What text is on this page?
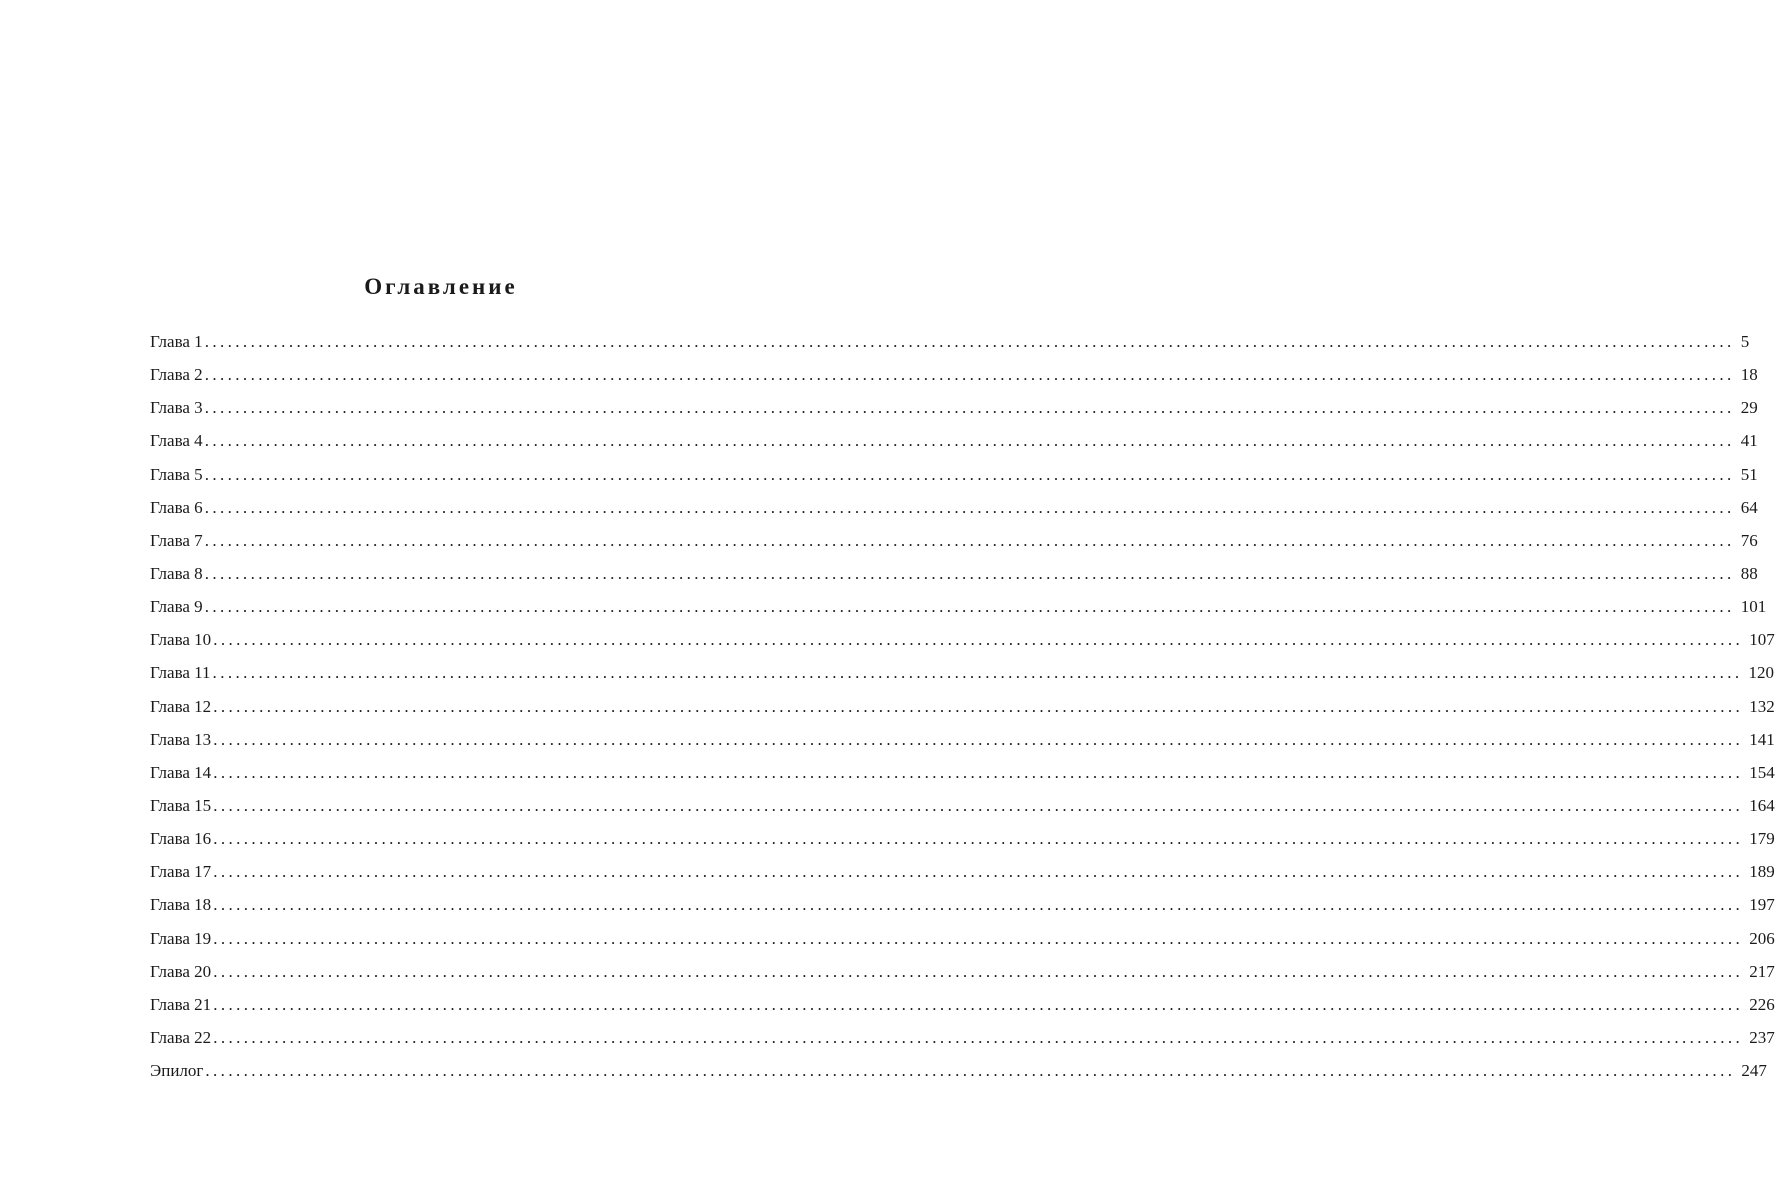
Оглавление
Глава 1 ........................................................................................................................................................................................................ 5
Глава 2 ........................................................................................................................................................................................................ 18
Глава 3 ........................................................................................................................................................................................................ 29
Глава 4 ........................................................................................................................................................................................................ 41
Глава 5 ........................................................................................................................................................................................................ 51
Глава 6 ........................................................................................................................................................................................................ 64
Глава 7 ........................................................................................................................................................................................................ 76
Глава 8 ........................................................................................................................................................................................................ 88
Глава 9 ........................................................................................................................................................................................................ 101
Глава 10 ........................................................................................................................................................................................................ 107
Глава 11 ........................................................................................................................................................................................................ 120
Глава 12 ........................................................................................................................................................................................................ 132
Глава 13 ........................................................................................................................................................................................................ 141
Глава 14 ........................................................................................................................................................................................................ 154
Глава 15 ........................................................................................................................................................................................................ 164
Глава 16 ........................................................................................................................................................................................................ 179
Глава 17 ........................................................................................................................................................................................................ 189
Глава 18 ........................................................................................................................................................................................................ 197
Глава 19 ........................................................................................................................................................................................................ 206
Глава 20 ........................................................................................................................................................................................................ 217
Глава 21 ........................................................................................................................................................................................................ 226
Глава 22 ........................................................................................................................................................................................................ 237
Эпилог ........................................................................................................................................................................................................ 247
